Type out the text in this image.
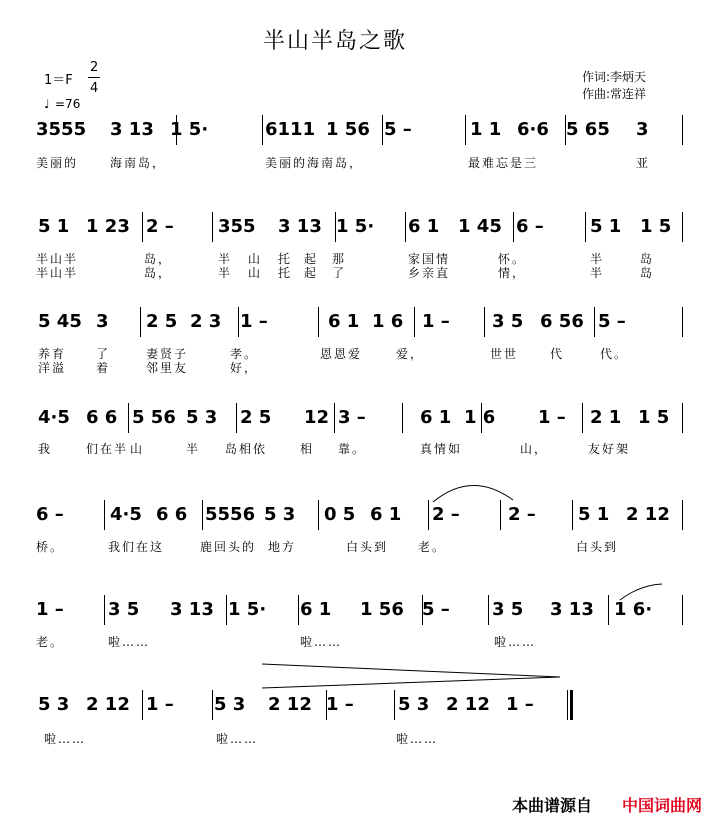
半山半岛之歌
1＝F
2
4
♩ =76
作词:李炳天
作曲:常连祥
3555 3 13 1 5·	6111 1 56 5 –	1 1 6·6 5 65 3
美丽的	海南岛，	美丽的海南岛，	最难忘是三	亚
5 1 1 23 2 – 355 3 13 1 5· 6 1 1 45 6 –	5 1 1 5
半山半	岛，	半 山 托 起 那	家国情	怀。	半	岛
半山半	岛，	半 山 托 起 了	乡亲直	情，	半	岛
5 45 3 2 5 2 3 1 –	6 1 1 6 1 – 3 5 6 56 5 –
养育 了	妻贤子	孝。	恩恩爱	爱，	世世	代	代。
洋溢 着	邻里友	好，
4·5 6 6 5 56 5 3 2 5 12 3 –	6 1 1 6 1 – 2 1 1 5
我	们在半 山	半 岛相依	相 靠。	真情如	山，	友好架
6 –	4·5 6 6 5556 5 3 0 5 6 1 2 –	2 – 5 1 2 12
桥。	我们在这	鹿回头的 地方	白头到 老。	白头到
1 – 3 5 3 13 1 5· 6 1 1 56 5 – 3 5 3 13 1 6·
老。	啦……	啦……	啦……
5 3 2 12 1 – 5 3 2 12 1 – 5 3 2 12 1 –
啦……	啦……	啦……
本曲谱源自 中国词曲网
